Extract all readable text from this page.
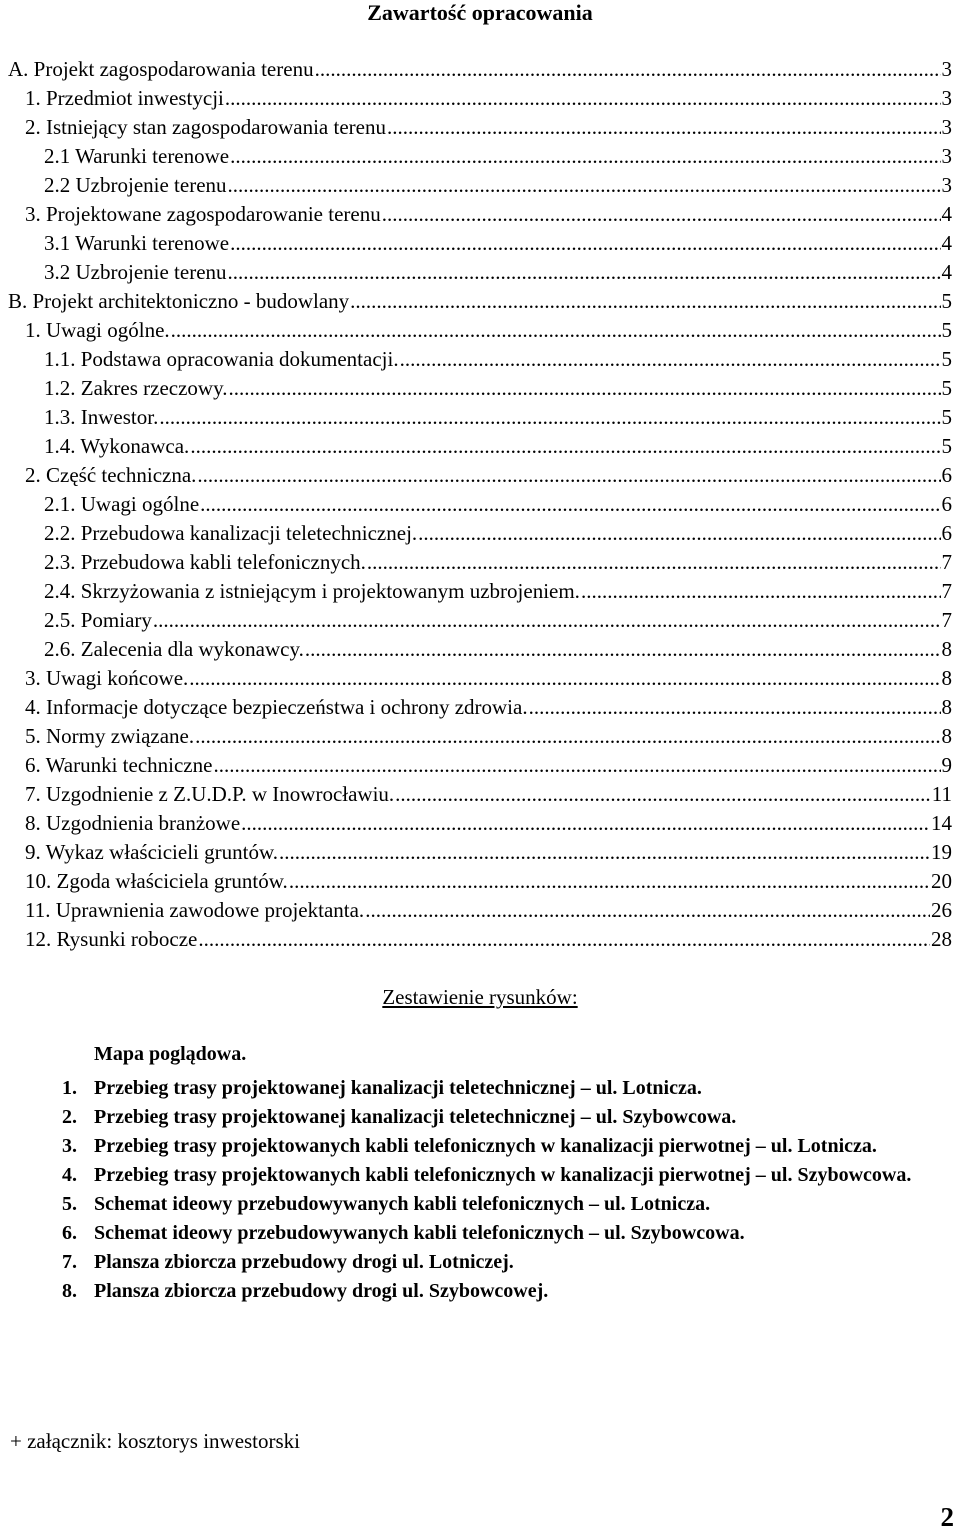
Zawartość opracowania
A. Projekt zagospodarowania terenu .....	3
1. Przedmiot inwestycji .....	3
2. Istniejący stan zagospodarowania terenu .....	3
2.1 Warunki terenowe .....	3
2.2 Uzbrojenie terenu .....	3
3. Projektowane zagospodarowanie terenu .....	4
3.1 Warunki terenowe .....	4
3.2 Uzbrojenie terenu .....	4
B. Projekt architektoniczno - budowlany .....	5
1. Uwagi ogólne. .....	5
1.1. Podstawa opracowania dokumentacji. .....	5
1.2. Zakres rzeczowy. .....	5
1.3. Inwestor. .....	5
1.4. Wykonawca. .....	5
2. Część techniczna. .....	6
2.1. Uwagi ogólne .....	6
2.2. Przebudowa kanalizacji teletechnicznej. .....	6
2.3. Przebudowa kabli telefonicznych. .....	7
2.4. Skrzyżowania z istniejącym i projektowanym uzbrojeniem. .....	7
2.5. Pomiary .....	7
2.6. Zalecenia dla wykonawcy. .....	8
3. Uwagi końcowe. .....	8
4. Informacje dotyczące bezpieczeństwa i ochrony zdrowia. .....	8
5. Normy związane. .....	8
6. Warunki techniczne .....	9
7. Uzgodnienie z Z.U.D.P. w Inowrocławiu. .....	11
8. Uzgodnienia branżowe .....	14
9. Wykaz właścicieli gruntów. .....	19
10. Zgoda właściciela gruntów. .....	20
11. Uprawnienia zawodowe projektanta. .....	26
12. Rysunki robocze .....	28
Zestawienie rysunków:
Mapa poglądowa.
1. Przebieg trasy projektowanej kanalizacji teletechnicznej – ul. Lotnicza.
2. Przebieg trasy projektowanej kanalizacji teletechnicznej – ul. Szybowcowa.
3. Przebieg trasy projektowanych kabli telefonicznych w kanalizacji pierwotnej – ul. Lotnicza.
4. Przebieg trasy projektowanych kabli telefonicznych w kanalizacji pierwotnej – ul. Szybowcowa.
5. Schemat ideowy przebudowywanych kabli telefonicznych – ul. Lotnicza.
6. Schemat ideowy przebudowywanych kabli telefonicznych – ul. Szybowcowa.
7. Plansza zbiorcza przebudowy drogi ul. Lotniczej.
8. Plansza zbiorcza przebudowy drogi ul. Szybowcowej.
+ załącznik: kosztorys inwestorski
2
